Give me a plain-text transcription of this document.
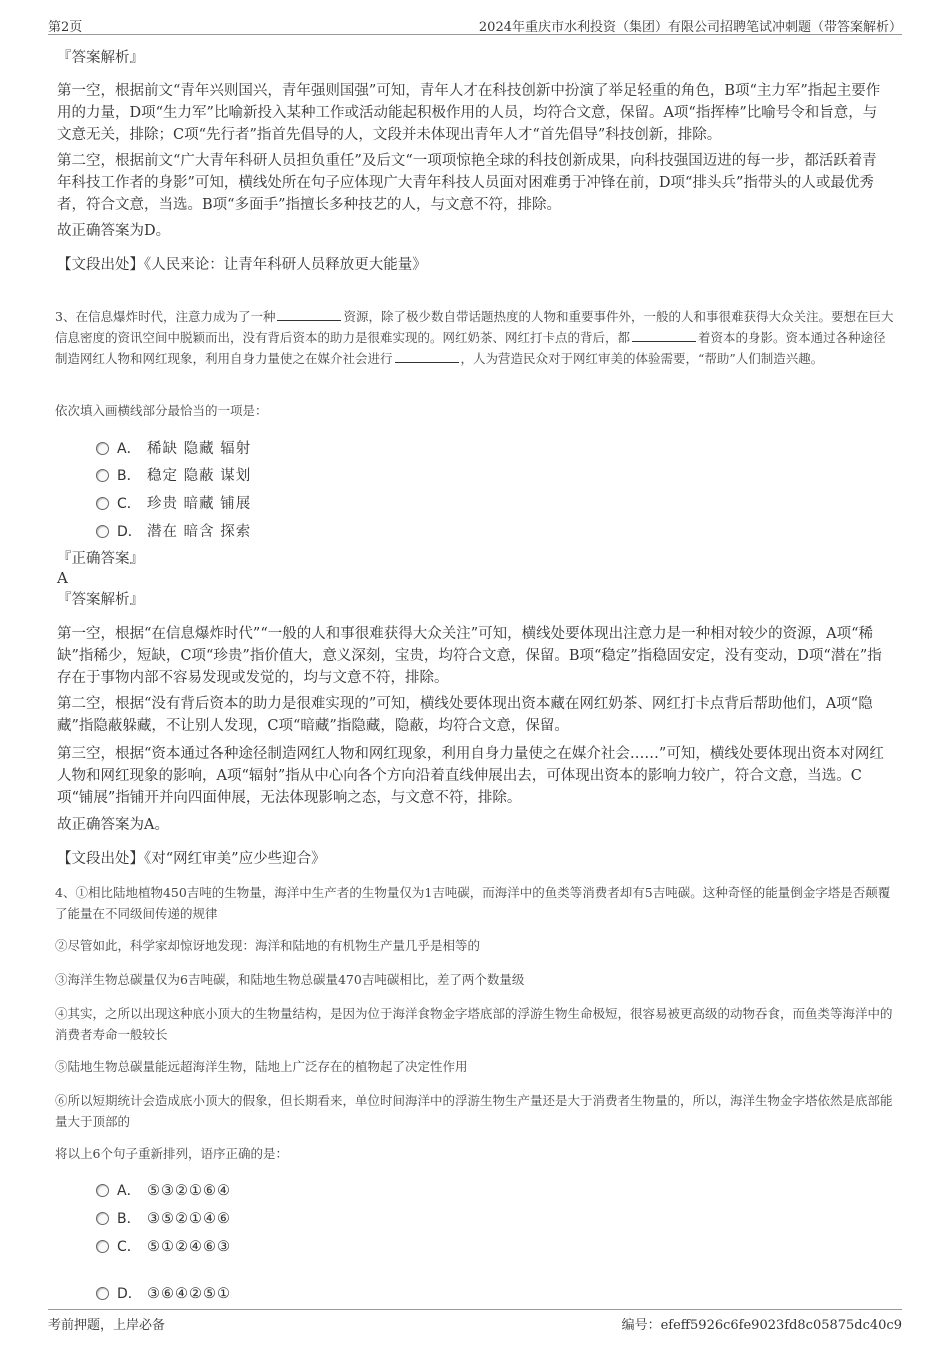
第2页	2024年重庆市水利投资（集团）有限公司招聘笔试冲刺题（带答案解析）
『答案解析』
第一空，根据前文“青年兴则国兴，青年强则国强”可知，青年人才在科技创新中扮演了举足轻重的角色，B项“主力军”指起主要作用的力量，D项“生力军”比喻新投入某种工作或活动能起积极作用的人员，均符合文意，保留。A项“指挥棒”比喻号令和旨意，与文意无关，排除；C项“先行者”指首先倡导的人，文段并未体现出青年人才“首先倡导”科技创新，排除。
第二空，根据前文“广大青年科研人员担负重任”及后文“一项项惊艳全球的科技创新成果，向科技强国迈进的每一步，都活跃着青年科技工作者的身影”可知，横线处所在句子应体现广大青年科技人员面对困难勇于冲锋在前，D项“排头兵”指带头的人或最优秀者，符合文意，当选。B项“多面手”指擅长多种技艺的人，与文意不符，排除。
故正确答案为D。
【文段出处】《人民来论：让青年科研人员释放更大能量》
3、在信息爆炸时代，注意力成为了一种	资源，除了极少数自带话题热度的人物和重要事件外，一般的人和事很难获得大众关注。要想在巨大信息密度的资讯空间中脱颖而出，没有背后资本的助力是很难实现的。网红奶茶、网红打卡点的背后，都	着资本的身影。资本通过各种途径制造网红人物和网红现象，利用自身力量使之在媒介社会进行	，人为营造民众对于网红审美的体验需要，“帮助”人们制造兴趣。
依次填入画横线部分最恰当的一项是：
A． 稀缺 隐藏 辐射
B． 稳定 隐蔽 谋划
C． 珍贵 暗藏 铺展
D． 潜在 暗含 探索
『正确答案』
A
『答案解析』
第一空，根据“在信息爆炸时代”“一般的人和事很难获得大众关注”可知，横线处要体现出注意力是一种相对较少的资源，A项“稀缺”指稀少，短缺，C项“珍贵”指价值大，意义深刻，宝贵，均符合文意，保留。B项“稳定”指稳固安定，没有变动，D项“潜在”指存在于事物内部不容易发现或发觉的，均与文意不符，排除。
第二空，根据“没有背后资本的助力是很难实现的”可知，横线处要体现出资本藏在网红奶茶、网红打卡点背后帮助他们，A项“隐藏”指隐蔽躲藏，不让别人发现，C项“暗藏”指隐藏，隐蔽，均符合文意，保留。
第三空，根据“资本通过各种途径制造网红人物和网红现象，利用自身力量使之在媒介社会……”可知，横线处要体现出资本对网红人物和网红现象的影响，A项“辐射”指从中心向各个方向沿着直线伸展出去，可体现出资本的影响力较广，符合文意，当选。C项“铺展”指铺开并向四面伸展，无法体现影响之态，与文意不符，排除。
故正确答案为A。
【文段出处】《对“网红审美”应少些迎合》
4、①相比陆地植物450吉吨的生物量，海洋中生产者的生物量仅为1吉吨碳，而海洋中的鱼类等消费者却有5吉吨碳。这种奇怪的能量倒金字塔是否颠覆了能量在不同级间传递的规律
②尽管如此，科学家却惊讶地发现：海洋和陆地的有机物生产量几乎是相等的
③海洋生物总碳量仅为6吉吨碳，和陆地生物总碳量470吉吨碳相比，差了两个数量级
④其实，之所以出现这种底小顶大的生物量结构，是因为位于海洋食物金字塔底部的浮游生物生命极短，很容易被更高级的动物吞食，而鱼类等海洋中的消费者寿命一般较长
⑤陆地生物总碳量能远超海洋生物，陆地上广泛存在的植物起了决定性作用
⑥所以短期统计会造成底小顶大的假象，但长期看来，单位时间海洋中的浮游生物生产量还是大于消费者生物量的，所以，海洋生物金字塔依然是底部能量大于顶部的
将以上6个句子重新排列，语序正确的是：
A． ⑤③②①⑥④
B． ③⑤②①④⑥
C． ⑤①②④⑥③
D． ③⑥④②⑤①
考前押题，上岸必备	编号：efeff5926c6fe9023fd8c05875dc40c9
